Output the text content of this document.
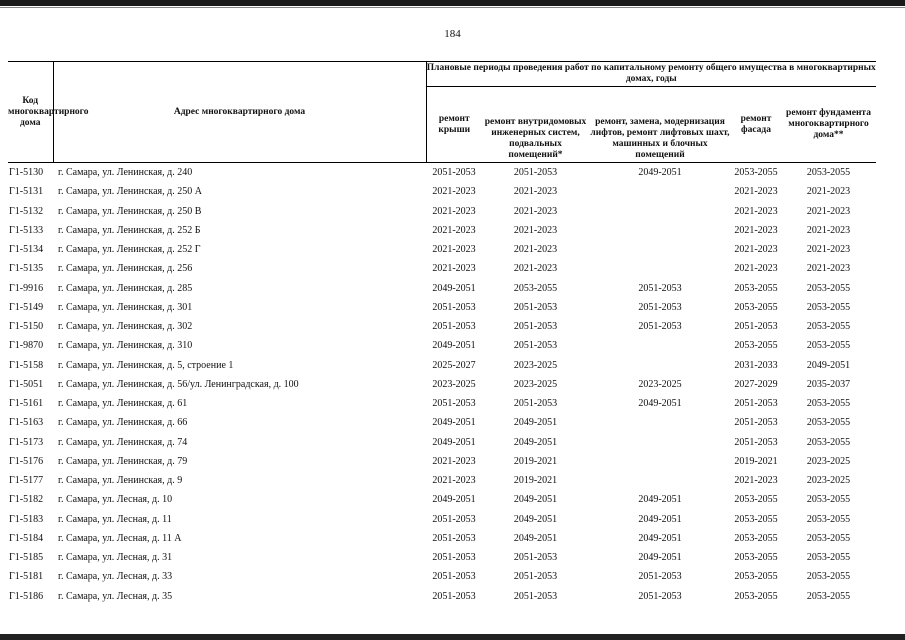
184
Код многоквартирного дома	Адрес многоквартирного дома	Плановые периоды проведения работ по капитальному ремонту общего имущества в многоквартирных домах, годы				
		ремонт крыши	ремонт внутридомовых инженерных систем, подвальных помещений*	ремонт, замена, модернизация лифтов, ремонт лифтовых шахт, машинных и блочных помещений	ремонт фасада	ремонт фундамента многоквартирного дома**
Г1-5130	г. Самара, ул. Ленинская, д. 240	2051-2053	2051-2053	2049-2051	2053-2055	2053-2055
Г1-5131	г. Самара, ул. Ленинская, д. 250 А	2021-2023	2021-2023		2021-2023	2021-2023
Г1-5132	г. Самара, ул. Ленинская, д. 250 В	2021-2023	2021-2023		2021-2023	2021-2023
Г1-5133	г. Самара, ул. Ленинская, д. 252 Б	2021-2023	2021-2023		2021-2023	2021-2023
Г1-5134	г. Самара, ул. Ленинская, д. 252 Г	2021-2023	2021-2023		2021-2023	2021-2023
Г1-5135	г. Самара, ул. Ленинская, д. 256	2021-2023	2021-2023		2021-2023	2021-2023
Г1-9916	г. Самара, ул. Ленинская, д. 285	2049-2051	2053-2055	2051-2053	2053-2055	2053-2055
Г1-5149	г. Самара, ул. Ленинская, д. 301	2051-2053	2051-2053	2051-2053	2053-2055	2053-2055
Г1-5150	г. Самара, ул. Ленинская, д. 302	2051-2053	2051-2053	2051-2053	2051-2053	2053-2055
Г1-9870	г. Самара, ул. Ленинская, д. 310	2049-2051	2051-2053		2053-2055	2053-2055
Г1-5158	г. Самара, ул. Ленинская, д. 5, строение 1	2025-2027	2023-2025		2031-2033	2049-2051
Г1-5051	г. Самара, ул. Ленинская, д. 56/ул. Ленинградская, д. 100	2023-2025	2023-2025	2023-2025	2027-2029	2035-2037
Г1-5161	г. Самара, ул. Ленинская, д. 61	2051-2053	2051-2053	2049-2051	2051-2053	2053-2055
Г1-5163	г. Самара, ул. Ленинская, д. 66	2049-2051	2049-2051		2051-2053	2053-2055
Г1-5173	г. Самара, ул. Ленинская, д. 74	2049-2051	2049-2051		2051-2053	2053-2055
Г1-5176	г. Самара, ул. Ленинская, д. 79	2021-2023	2019-2021		2019-2021	2023-2025
Г1-5177	г. Самара, ул. Ленинская, д. 9	2021-2023	2019-2021		2021-2023	2023-2025
Г1-5182	г. Самара, ул. Лесная, д. 10	2049-2051	2049-2051	2049-2051	2053-2055	2053-2055
Г1-5183	г. Самара, ул. Лесная, д. 11	2051-2053	2049-2051	2049-2051	2053-2055	2053-2055
Г1-5184	г. Самара, ул. Лесная, д. 11 А	2051-2053	2049-2051	2049-2051	2053-2055	2053-2055
Г1-5185	г. Самара, ул. Лесная, д. 31	2051-2053	2051-2053	2049-2051	2053-2055	2053-2055
Г1-5181	г. Самара, ул. Лесная, д. 33	2051-2053	2051-2053	2051-2053	2053-2055	2053-2055
Г1-5186	г. Самара, ул. Лесная, д. 35	2051-2053	2051-2053	2051-2053	2053-2055	2053-2055
